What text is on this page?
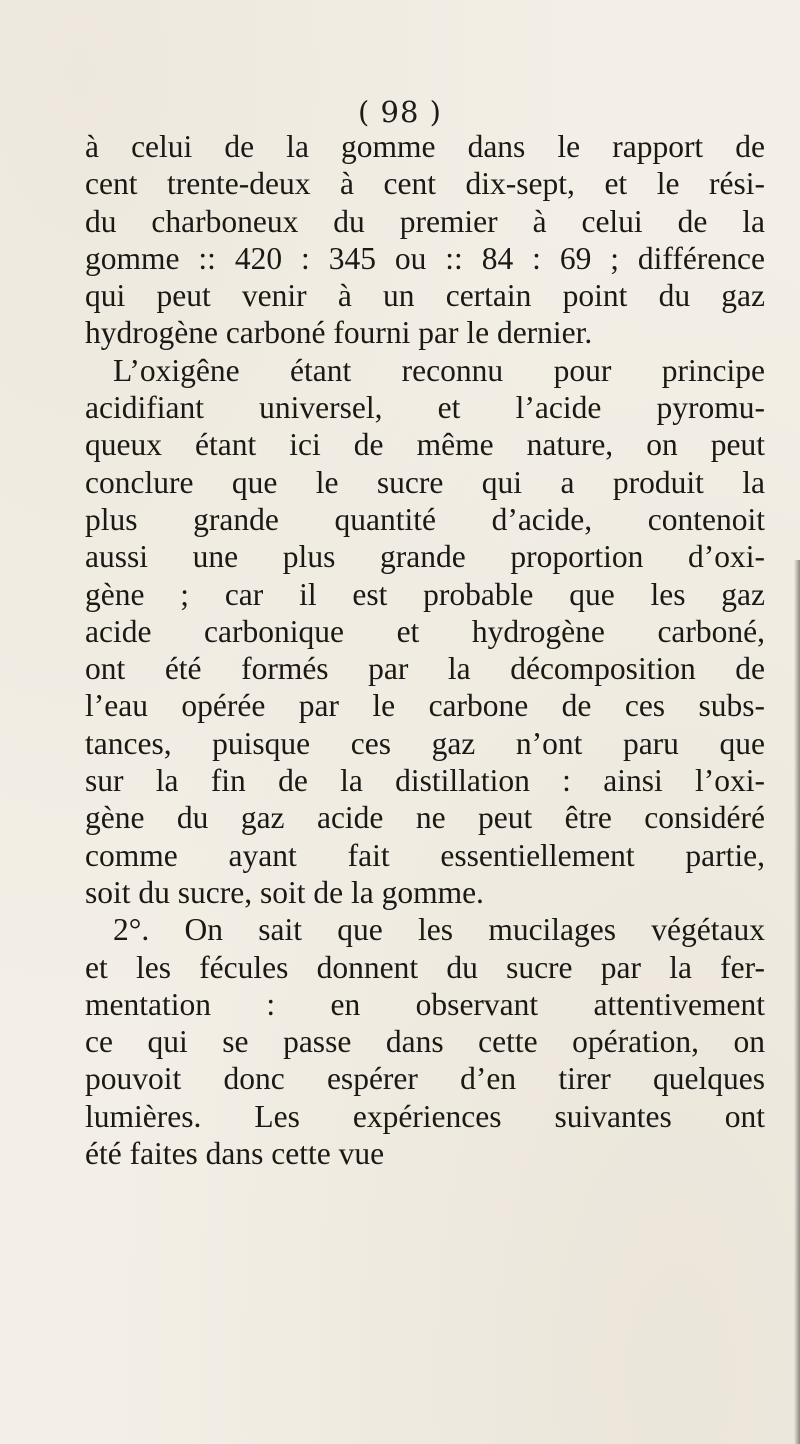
( 98 )
à celui de la gomme dans le rapport de
cent trente-deux à cent dix-sept, et le rési-
du charboneux du premier à celui de la
gomme :: 420 : 345 ou :: 84 : 69 ; différence
qui peut venir à un certain point du gaz
hydrogène carboné fourni par le dernier.
L’oxigêne étant reconnu pour principe
acidifiant universel, et l’acide pyromu-
queux étant ici de même nature, on peut
conclure que le sucre qui a produit la
plus grande quantité d’acide, contenoit
aussi une plus grande proportion d’oxi-
gène ; car il est probable que les gaz
acide carbonique et hydrogène carboné,
ont été formés par la décomposition de
l’eau opérée par le carbone de ces subs-
tances, puisque ces gaz n’ont paru que
sur la fin de la distillation : ainsi l’oxi-
gène du gaz acide ne peut être considéré
comme ayant fait essentiellement partie,
soit du sucre, soit de la gomme.
2°. On sait que les mucilages végétaux
et les fécules donnent du sucre par la fer-
mentation : en observant attentivement
ce qui se passe dans cette opération, on
pouvoit donc espérer d’en tirer quelques
lumières. Les expériences suivantes ont
été faites dans cette vue
